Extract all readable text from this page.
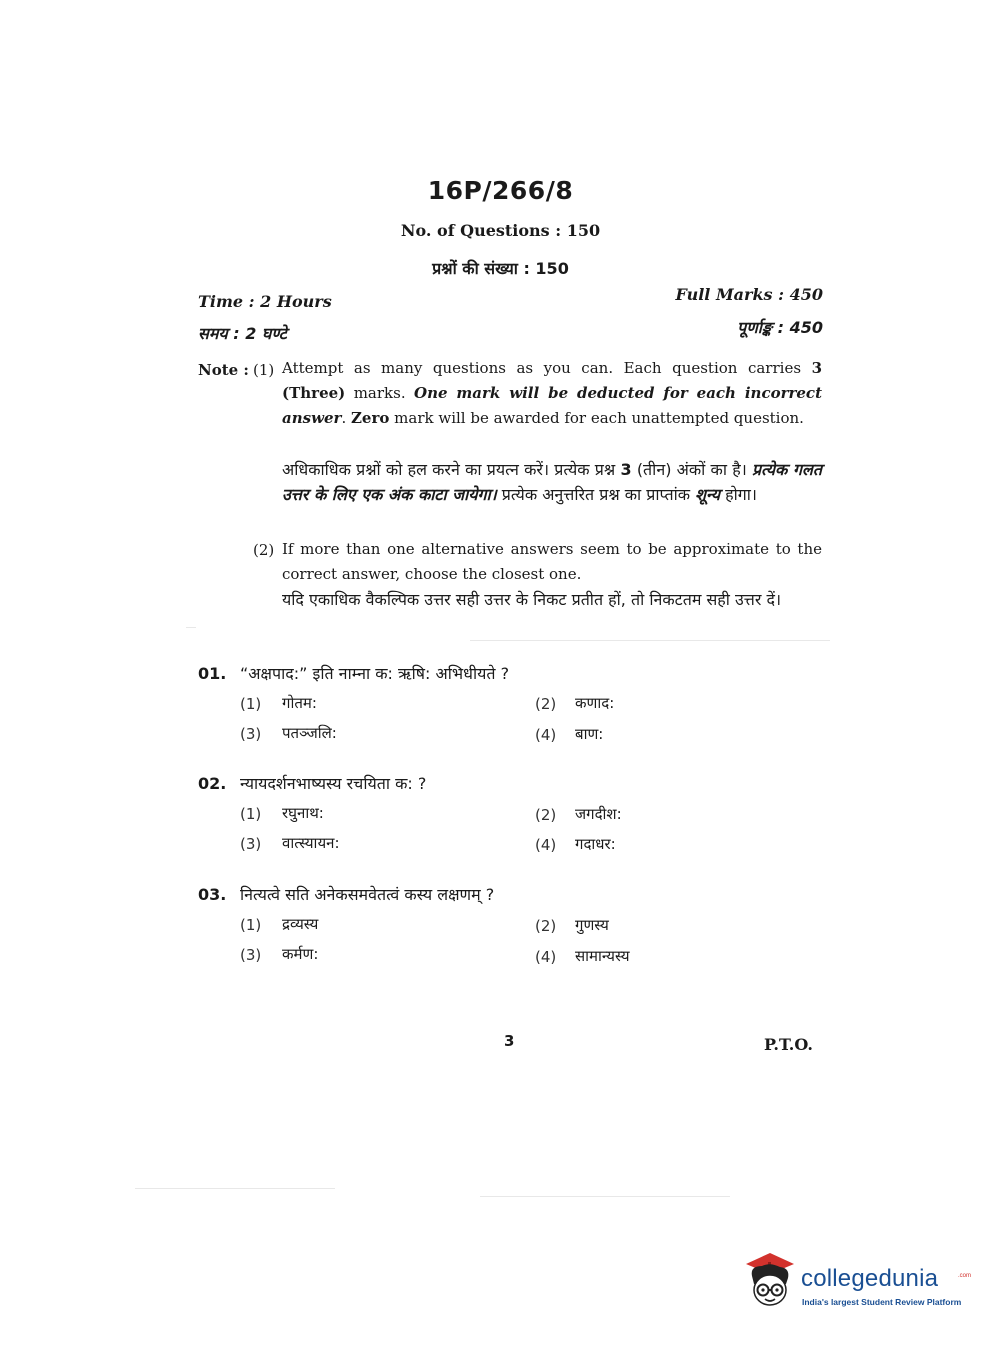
16P/266/8
No. of Questions : 150
प्रश्नों की संख्या : 150
Time : 2 Hours
समय : 2 घण्टे
Full Marks : 450
पूर्णाङ्क : 450
Note : (1) Attempt as many questions as you can. Each question carries 3 (Three) marks. One mark will be deducted for each incorrect answer. Zero mark will be awarded for each unattempted question.
अधिकाधिक प्रश्नों को हल करने का प्रयत्न करें। प्रत्येक प्रश्न 3 (तीन) अंकों का है। प्रत्येक गलत उत्तर के लिए एक अंक काटा जायेगा। प्रत्येक अनुत्तरित प्रश्न का प्राप्तांक शून्य होगा।
(2) If more than one alternative answers seem to be approximate to the correct answer, choose the closest one.
यदि एकाधिक वैकल्पिक उत्तर सही उत्तर के निकट प्रतीत हों, तो निकटतम सही उत्तर दें।
01. “अक्षपाद:” इति नाम्ना क: ऋषि: अभिधीयते ?
(1) गोतम:	(2) कणाद:
(3) पतञ्जलि:	(4) बाण:
02. न्यायदर्शनभाष्यस्य रचयिता क: ?
(1) रघुनाथ:	(2) जगदीश:
(3) वात्स्यायन:	(4) गदाधर:
03. नित्यत्वे सति अनेकसमवेतत्वं कस्य लक्षणम् ?
(1) द्रव्यस्य	(2) गुणस्य
(3) कर्मण:	(4) सामान्यस्य
3	P.T.O.
collegedunia	.com
India's largest Student Review Platform
